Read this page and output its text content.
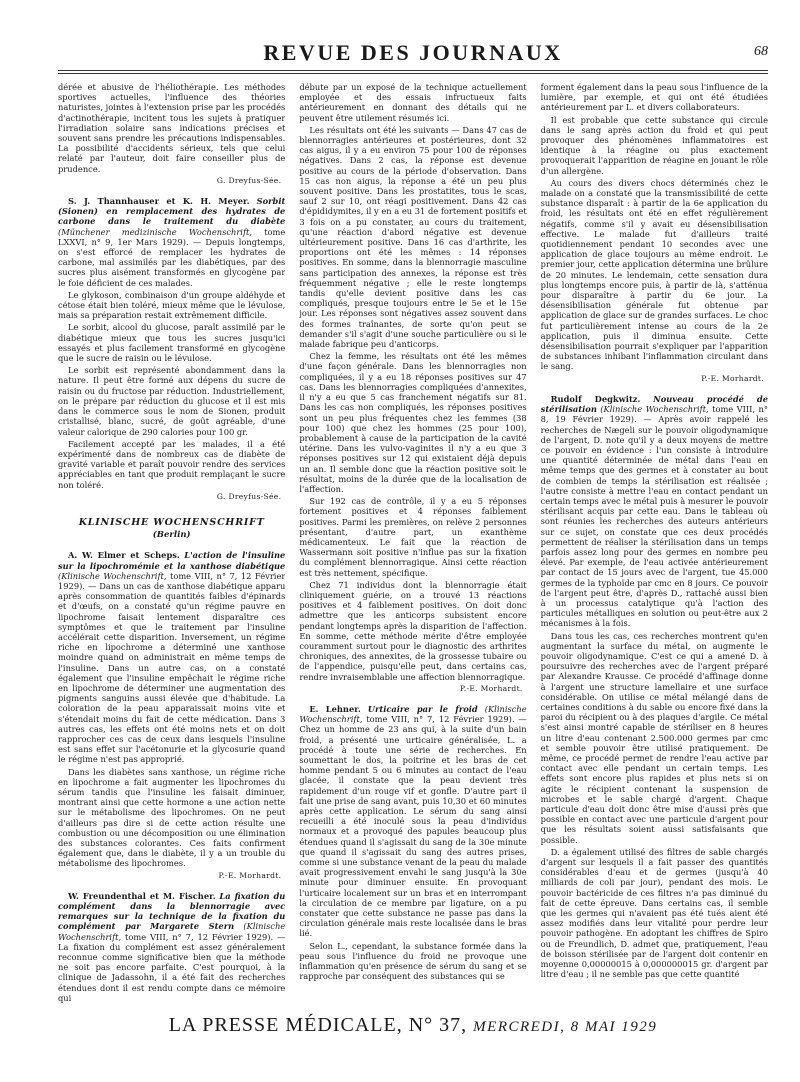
REVUE DES JOURNAUX	68

dérée et abusive de l'héliothérapie. Les méthodes sportives actuelles, l'influence des théories naturistes, jointes à l'extension prise par les procédés d'actinothérapie, incitent tous les sujets à pratiquer l'irradiation solaire sans indications précises et souvent sans prendre les précautions indispensables. La possibilité d'accidents sérieux, tels que celui relaté par l'auteur, doit faire conseiller plus de prudence.

G. Dreyfus-Sée.

S. J. Thannhauser et K. H. Meyer. Sorbit (Sionen) en remplacement des hydrates de carbone dans le traitement du diabète (Münchener medizinische Wochenschrift, tome LXXVI, n° 9, 1er Mars 1929). — Depuis longtemps, on s'est efforcé de remplacer les hydrates de carbone, mal assimilés par les diabétiques, par des sucres plus aisément transformés en glycogène par le foie déficient de ces malades.

Le glykoson, combinaison d'un groupe aldéhyde et cétose était bien toléré, mieux même que le lévulose, mais sa préparation restait extrêmement difficile.

Le sorbit, alcool du glucose, paraît assimilé par le diabétique mieux que tous les sucres jusqu'ici essayés et plus facilement transformé en glycogène que le sucre de raisin ou le lévulose.

Le sorbit est représenté abondamment dans la nature. Il peut être formé aux dépens du sucre de raisin ou du fructose par réduction. Industriellement, on le prépare par réduction du glucose et il est mis dans le commerce sous le nom de Sionen, produit cristallisé, blanc, sucré, de goût agréable, d'une valeur calorique de 290 calories pour 100 gr.

Facilement accepté par les malades, il a été expérimenté dans de nombreux cas de diabète de gravité variable et paraît pouvoir rendre des services appréciables en tant que produit remplaçant le sucre non toléré.

G. Dreyfus-Sée.
KLINISCHE WOCHENSCHRIFT
(Berlin)

A. W. Elmer et Scheps. L'action de l'insuline sur la lipochromémie et la xanthose diabétique (Klinische Wochenschrift, tome VIII, n° 7, 12 Février 1929). — Dans un cas de xanthose diabétique apparu après consommation de quantités faibles d'épinards et d'œufs, on a constaté qu'un régime pauvre en lipochrome faisait lentement disparaître ces symptômes et que le traitement par l'insuline accélérait cette disparition. Inversement, un régime riche en lipochrome a déterminé une xanthose moindre quand on administrait en même temps de l'insuline. Dans un autre cas, on a constaté également que l'insuline empêchait le régime riche en lipochrome de déterminer une augmentation des pigments sanguins aussi élevée que d'habitude. La coloration de la peau apparaissait moins vite et s'étendait moins du fait de cette médication. Dans 3 autres cas, les effets ont été moins nets et on doit rapprocher ces cas de ceux dans lesquels l'insuline est sans effet sur l'acétonurie et la glycosurie quand le régime n'est pas approprié.

Dans les diabètes sans xanthose, un régime riche en lipochrome a fait augmenter les lipochromes du sérum tandis que l'insuline les faisait diminuer, montrant ainsi que cette hormone a une action nette sur le métabolisme des lipochromes. On ne peut d'ailleurs pas dire si de cette action résulte une combustion ou une décomposition ou une élimination des substances colorantes. Ces faits confirment également que, dans le diabète, il y a un trouble du métabolisme des lipochromes.

P.-E. Morhardt.

W. Freundenthal et M. Fischer. La fixation du complément dans la blennorragie avec remarques sur la technique de la fixation du complément par Margarete Stern (Klinische Wochenschrift, tome VIII, n° 7, 12 Février 1929). — La fixation du complément est assez généralement reconnue comme significative bien que la méthode ne soit pas encore parfaite. C'est pourquoi, à la clinique de Jadassohn, il a été fait des recherches étendues dont il est rendu compte dans ce mémoire qui

débute par un exposé de la technique actuellement employée et des essais infructueux faits antérieurement en donnant des détails qui ne peuvent être utilement résumés ici.

Les résultats ont été les suivants — Dans 47 cas de blennorragies antérieures et postérieures, dont 32 cas aigus, il y a eu environ 75 pour 100 de réponses négatives. Dans 2 cas, la réponse est devenue positive au cours de la période d'observation. Dans 15 cas non aigus, la réponse a été un peu plus souvent positive. Dans les prostatites, tous le scas, sauf 2 sur 10, ont réagi positivement. Dans 42 cas d'épididymites, il y en a eu 31 de fortement positifs et 3 fois on a pu constater, au cours du traitement, qu'une réaction d'abord négative est devenue ultérieurement positive. Dans 16 cas d'arthrite, les proportions ont été les mêmes : 14 réponses positives. En somme, dans la blennorragie masculine sans participation des annexes, la réponse est très fréquemment négative ; elle le reste longtemps tandis qu'elle devient positive dans les cas compliqués, presque toujours entre le 5e et le 15e jour. Les réponses sont négatives assez souvent dans des formes traînantes, de sorte qu'on peut se demander s'il s'agit d'une souche particulière ou si le malade fabrique peu d'anticorps.

Chez la femme, les résultats ont été les mêmes d'une façon générale. Dans les blennorragies non compliquées, il y a eu 18 réponses positives sur 47 cas. Dans les blennorragies compliquées d'annexites, il n'y a eu que 5 cas franchement négatifs sur 81. Dans les cas non compliqués, les réponses positives sont un peu plus fréquentes chez les femmes (38 pour 100) que chez les hommes (25 pour 100), probablement à cause de la participation de la cavité utérine. Dans les vulvo-vaginites il n'y a eu que 3 réponses positives sur 12 qui existaient déjà depuis un an. Il semble donc que la réaction positive soit le résultat, moins de la durée que de la localisation de l'affection.

Sur 192 cas de contrôle, il y a eu 5 réponses fortement positives et 4 réponses faiblement positives. Parmi les premières, on relève 2 personnes présentant, d'autre part, un exanthème médicamenteux. Le fait que la réaction de Wassermann soit positive n'influe pas sur la fixation du complément blennorragique. Ainsi cette réaction est très nettement, spécifique.

Chez 71 individus dont la blennorragie était cliniquement guérie, on a trouvé 13 réactions positives et 4 faiblement positives. On doit donc admettre que les anticorps subsistent encore pendant longtemps après la disparition de l'affection. En somme, cette méthode mérite d'être employée couramment surtout pour le diagnostic des arthrites chroniques, des annexites, de la grossesse tubaire ou de l'appendice, puisqu'elle peut, dans certains cas, rendre invraisemblable une affection blennorragique.

P.-E. Morhardt.

E. Lehner. Urticaire par le froid (Klinische Wochenschrift, tome VIII, n° 7, 12 Février 1929). — Chez un homme de 23 ans qui, à la suite d'un bain froid, a présenté une urticaire généralisée, L. a procédé à toute une série de recherches. En soumettant le dos, la poitrine et les bras de cet homme pendant 5 ou 6 minutes au contact de l'eau glacée, il constate que la peau devient très rapidement d'un rouge vif et gonfle. D'autre part il fait une prise de sang avant, puis 10,30 et 60 minutes après cette application. Le sérum du sang ainsi recueilli a été inoculé sous la peau d'individus normaux et a provoqué des papules beaucoup plus étendues quand il s'agissait du sang de la 30e minute que quand il s'agissait du sang des autres prises, comme si une substance venant de la peau du malade avait progressivement envahi le sang jusqu'à la 30e minute pour diminuer ensuite. En provoquant l'urticaire localement sur un bras et en interrompant la circulation de ce membre par ligature, on a pu constater que cette substance ne passe pas dans la circulation générale mais reste localisée dans le bras lié.

Selon L., cependant, la substance formée dans la peau sous l'influence du froid ne provoque une inflammation qu'en présence de sérum du sang et se rapproche par conséquent des substances qui se

forment également dans la peau sous l'influence de la lumière, par exemple, et qui ont été étudiées antérieurement par L. et divers collaborateurs.

Il est probable que cette substance qui circule dans le sang après action du froid et qui peut provoquer des phénomènes inflammatoires est identique à la réagine ou plus exactement provoquerait l'apparition de réagine en jouant le rôle d'un allergène.

Au cours des divers chocs déterminés chez le malade on a constaté que la transmissibilité de cette substance disparaît : à partir de la 6e application du froid, les résultats ont été en effet régulièrement négatifs, comme s'il y avait eu désensibilisation effective. Le malade fut d'ailleurs traité quotidiennement pendant 10 secondes avec une application de glace toujours au même endroit. Le premier jour, cette application détermina une brûlure de 20 minutes. Le lendemain, cette sensation dura plus longtemps encore puis, à partir de là, s'atténua pour disparaître à partir du 6e jour. La désensibilisation générale fut obtenue par application de glace sur de grandes surfaces. Le choc fut particulièrement intense au cours de la 2e application, puis il diminua ensuite. Cette désensibilisation pourrait s'expliquer par l'apparition de substances inhibant l'inflammation circulant dans le sang.

P.-E. Morhardt.

Rudolf Degkwitz. Nouveau procédé de stérilisation (Klinische Wochenschrift, tome VIII, n° 8, 19 Février 1929). — Après avoir rappelé les recherches de Nægeli sur le pouvoir oligodynamique de l'argent, D. note qu'il y a deux moyens de mettre ce pouvoir en évidence : l'un consiste à introduire une quantité déterminée de métal dans l'eau en même temps que des germes et à constater au bout de combien de temps la stérilisation est réalisée ; l'autre consiste à mettre l'eau en contact pendant un certain temps avec le métal puis à mesurer le pouvoir stérilisant acquis par cette eau. Dans le tableau où sont réunies les recherches des auteurs antérieurs sur ce sujet, on constate que ces deux procédés permettent de réaliser la stérilisation dans un temps parfois assez long pour des germes en nombre peu élevé. Par exemple, de l'eau activée antérieurement par contact de 15 jours avec de l'argent, tue 45.000 germes de la typhoïde par cmc en 8 jours. Ce pouvoir de l'argent peut être, d'après D., rattaché aussi bien à un processus catalytique qu'à l'action des particules métalliques en solution ou peut-être aux 2 mécanismes à la fois.

Dans tous les cas, ces recherches montrent qu'en augmentant la surface du métal, on augmente le pouvoir oligodynamique. C'est ce qui a amené D. à poursuivre des recherches avec de l'argent préparé par Alexandre Krausse. Ce procédé d'affinage donne à l'argent une structure lamellaire et une surface considérable. On utilise ce métal mélangé dans de certaines conditions à du sable ou encore fixé dans la paroi du récipient ou à des plaques d'argile. Ce métal s'est ainsi montré capable de stériliser en 8 heures un litre d'eau contenant 2.500.000 germes par cmc et semble pouvoir être utilisé pratiquement. De même, ce procédé permet de rendre l'eau active par contact avec elle pendant un certain temps. Les effets sont encore plus rapides et plus nets si on agite le récipient contenant la suspension de microbes et le sable chargé d'argent. Chaque particule d'eau doit donc être mise d'aussi près que possible en contact avec une particule d'argent pour que les résultats soient aussi satisfaisants que possible.

D. a également utilisé des filtres de sable chargés d'argent sur lesquels il a fait passer des quantités considérables d'eau et de germes (jusqu'à 40 milliards de coli par jour), pendant des mois. Le pouvoir bactéricide de ces filtres n'a pas diminué du fait de cette épreuve. Dans certains cas, il semble que les germes qui n'avaient pas été tués aient été assez modifiés dans leur vitalité pour perdre leur pouvoir pathogène. En adoptant les chiffres de Spiro ou de Freundlich, D. admet que, pratiquement, l'eau de boisson stérilisée par de l'argent doit contenir en moyenne 0,00000015 à 0,000000015 gr. d'argent par litre d'eau ; il ne semble pas que cette quantité

LA PRESSE MÉDICALE, N° 37, MERCREDI, 8 MAI 1929
